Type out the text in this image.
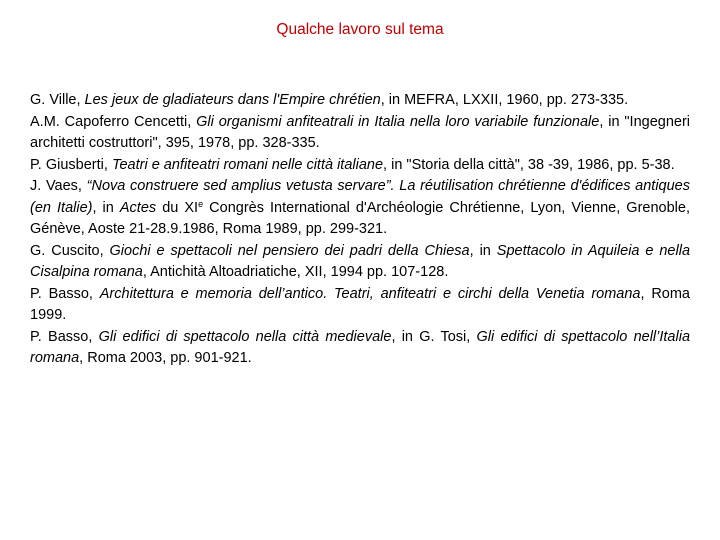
Qualche lavoro sul tema

G. Ville, Les jeux de gladiateurs dans l'Empire chrétien, in MEFRA, LXXII, 1960, pp. 273-335.

A.M. Capoferro Cencetti, Gli organismi anfiteatrali in Italia nella loro variabile funzionale, in "Ingegneri architetti costruttori", 395, 1978, pp. 328-335.

P. Giusberti, Teatri e anfiteatri romani nelle città italiane, in "Storia della città", 38 -39, 1986, pp. 5-38.

J. Vaes, “Nova construere sed amplius vetusta servare”. La réutilisation chrétienne d'édifices antiques (en Italie), in Actes du XIe Congrès International d'Archéologie Chrétienne, Lyon, Vienne, Grenoble, Génève, Aoste 21-28.9.1986, Roma 1989, pp. 299-321.

G. Cuscito, Giochi e spettacoli nel pensiero dei padri della Chiesa, in Spettacolo in Aquileia e nella Cisalpina romana, Antichità Altoadriatiche, XII, 1994 pp. 107-128.

P. Basso, Architettura e memoria dell’antico. Teatri, anfiteatri e circhi della Venetia romana, Roma 1999.

P. Basso, Gli edifici di spettacolo nella città medievale, in G. Tosi, Gli edifici di spettacolo nell’Italia romana, Roma 2003, pp. 901-921.
